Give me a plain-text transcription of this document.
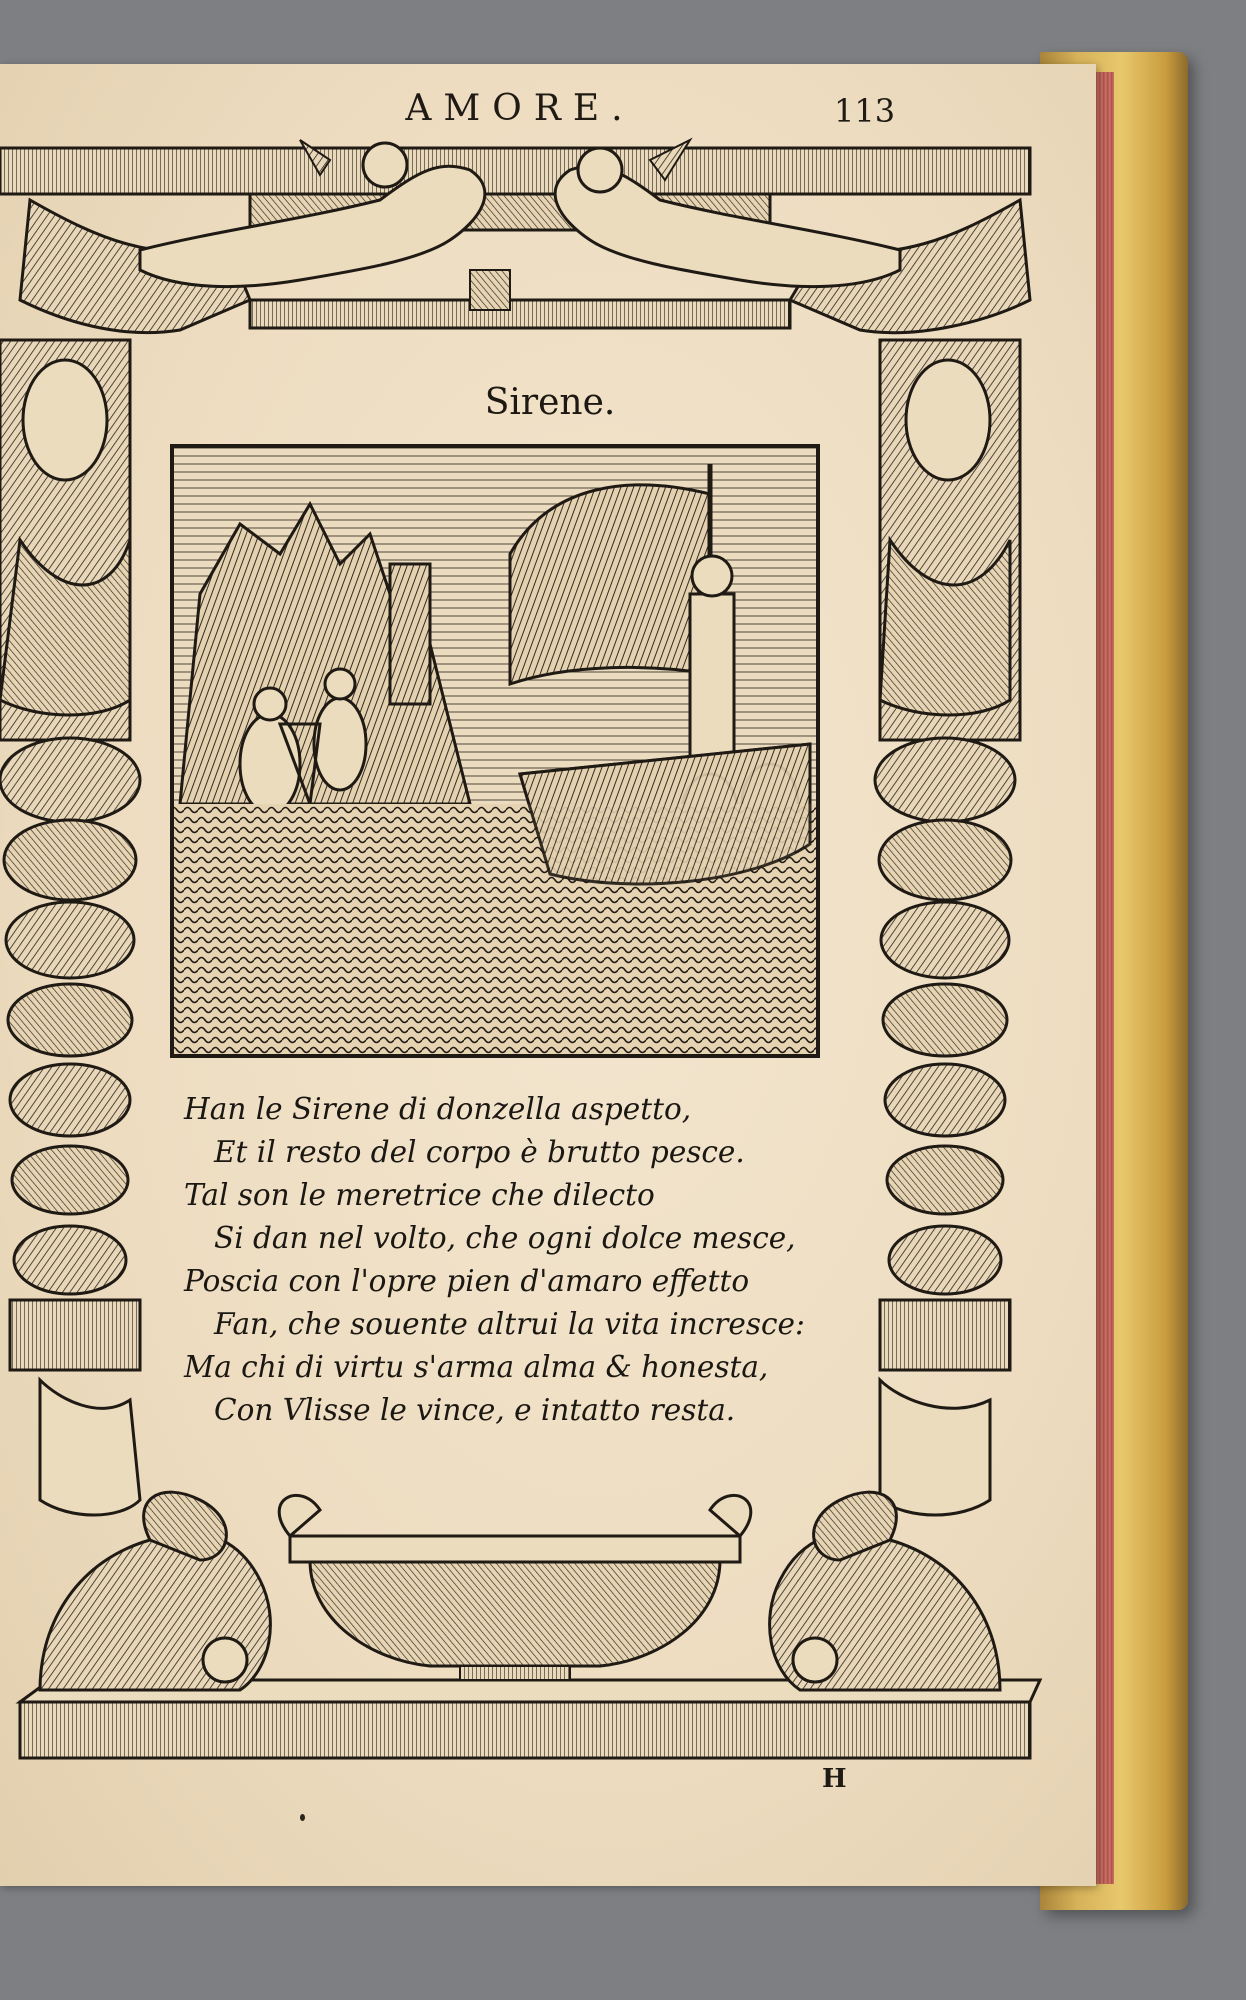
AMORE.	113
Sirene.
Han le Sirene di donzella aspetto,
Et il resto del corpo è brutto pesce.
Tal son le meretrice che dilecto
Si dan nel volto, che ogni dolce mesce,
Poscia con l'opre pien d'amaro effetto
Fan, che souente altrui la vita incresce:
Ma chi di virtu s'arma alma & honesta,
Con Vlisse le vince, e intatto resta.
H
